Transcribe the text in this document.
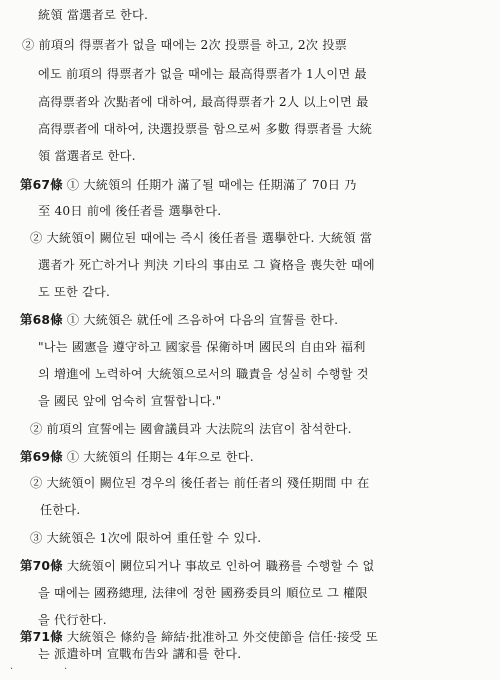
統領 當選者로 한다.
② 前項의 得票者가 없을 때에는 2次 投票를 하고, 2次 投票
에도 前項의 得票者가 없을 때에는 最高得票者가 1人이면 最
高得票者와 次點者에 대하여, 最高得票者가 2人 以上이면 最
高得票者에 대하여, 決選投票를 함으로써 多數 得票者를 大統
領 當選者로 한다.
第67條 ① 大統領의 任期가 滿了될 때에는 任期滿了 70日 乃
至 40日 前에 後任者를 選擧한다.
② 大統領이 闕位된 때에는 즉시 後任者를 選擧한다. 大統領 當
選者가 死亡하거나 判決 기타의 事由로 그 資格을 喪失한 때에
도 또한 같다.
第68條 ① 大統領은 就任에 즈음하여 다음의 宣誓를 한다.
"나는 國憲을 遵守하고 國家를 保衛하며 國民의 自由와 福利
의 增進에 노력하여 大統領으로서의 職責을 성실히 수행할 것
을 國民 앞에 엄숙히 宣誓합니다."
② 前項의 宣誓에는 國會議員과 大法院의 法官이 참석한다.
第69條 ① 大統領의 任期는 4年으로 한다.
② 大統領이 闕位된 경우의 後任者는 前任者의 殘任期間 中 在
任한다.
③ 大統領은 1次에 限하여 重任할 수 있다.
第70條 大統領이 闕位되거나 事故로 인하여 職務를 수행할 수 없
을 때에는 國務總理, 法律에 정한 國務委員의 順位로 그 權限
을 代行한다.
第71條 大統領은 條約을 締結·批准하고 外交使節을 信任·接受 또
는 派遣하며 宣戰布告와 講和를 한다.
·	·
